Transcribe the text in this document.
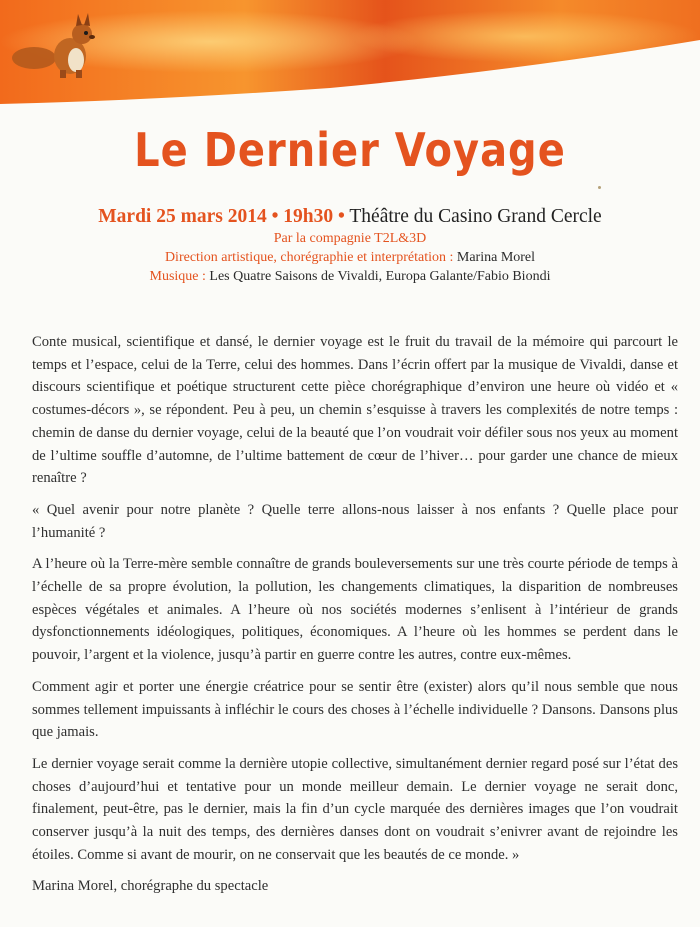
Le Dernier Voyage
Mardi 25 mars 2014 • 19h30 • Théâtre du Casino Grand Cercle
Par la compagnie T2L&3D
Direction artistique, chorégraphie et interprétation : Marina Morel
Musique : Les Quatre Saisons de Vivaldi, Europa Galante/Fabio Biondi

Conte musical, scientifique et dansé, le dernier voyage est le fruit du travail de la mémoire qui parcourt le temps et l’espace, celui de la Terre, celui des hommes. Dans l’écrin offert par la musique de Vivaldi, danse et discours scientifique et poétique structurent cette pièce chorégraphique d’environ une heure où vidéo et « costumes-décors », se répondent. Peu à peu, un chemin s’esquisse à travers les complexités de notre temps : chemin de danse du dernier voyage, celui de la beauté que l’on voudrait voir défiler sous nos yeux au moment de l’ultime souffle d’automne, de l’ultime battement de cœur de l’hiver… pour garder une chance de mieux renaître ?

« Quel avenir pour notre planète ? Quelle terre allons-nous laisser à nos enfants ? Quelle place pour l’humanité ?

A l’heure où la Terre-mère semble connaître de grands bouleversements sur une très courte période de temps à l’échelle de sa propre évolution, la pollution, les changements climatiques, la disparition de nombreuses espèces végétales et animales. A l’heure où nos sociétés modernes s’enlisent à l’intérieur de grands dysfonctionnements idéologiques, politiques, économiques. A l’heure où les hommes se perdent dans le pouvoir, l’argent et la violence, jusqu’à partir en guerre contre les autres, contre eux-mêmes.

Comment agir et porter une énergie créatrice pour se sentir être (exister) alors qu’il nous semble que nous sommes tellement impuissants à infléchir le cours des choses à l’échelle individuelle ? Dansons. Dansons plus que jamais.

Le dernier voyage serait comme la dernière utopie collective, simultanément dernier regard posé sur l’état des choses d’aujourd’hui et tentative pour un monde meilleur demain. Le dernier voyage ne serait donc, finalement, peut-être, pas le dernier, mais la fin d’un cycle marquée des dernières images que l’on voudrait conserver jusqu’à la nuit des temps, des dernières danses dont on voudrait s’enivrer avant de rejoindre les étoiles. Comme si avant de mourir, on ne conservait que les beautés de ce monde. »

Marina Morel, chorégraphe du spectacle
